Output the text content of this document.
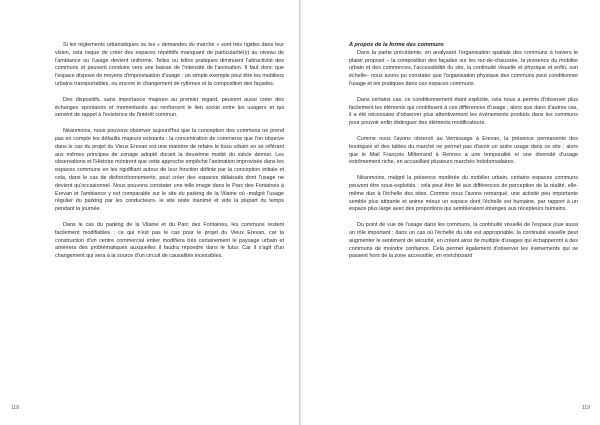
Si les règlements urbanistiques ou les « demandes du marché » sont très rigides dans leur vision, cela risque de créer des espaces répétitifs manquant de particularité(s) au niveau de l'ambiance ou l'usage devient uniforme. Telles ou telles pratiques diminuent l'attractivité des communs et peuvent conduire vers une baisse de l'intensité de l'animation. Il faut donc que l'espace dispose de moyens d'improvisation d'usage : un simple exemple peut être les mobiliers urbains transportables, ou encore le changement de rythmes et la composition des façades.

Des dispositifs, sans importance majeure au premier regard, peuvent aussi créer des échanges spontanés et momentanés qui renforcent le lien social entre les usagers et qui servent de rappel à l'existence de l'intérêt commun.

Néanmoins, nous pouvons observer aujourd'hui que la conception des communs ne prend pas en compte les défaults majeurs existants : la concentration de commerce que l'on observe dans le cas du projet du Vieux Erevan est une manière de refaire le tissu urbain en se référant aux mêmes principes de zonage adopté durant la deuxième moitié du siècle dernier. Les observations et l'Histoire montrent que cette approche empêche l'animation improvisée dans les espaces communs en les rigidifiant autour de leur fonction définie par la conception initiale et cela, dans le cas de disfonctionnements, peut créer des espaces délaissés dont l'usage ne devient qu'occasionnel. Nous pouvons constater une telle image dans le Parc des Fontaines à Erevan et l'ambiance y est comparable sur le site du parking de la Vilaine où -malgré l'usage régulier du parking par les conducteurs- le site reste inanimé et vide la plupart du temps pendant la journée.

Dans le cas du parking de la Vilaine et du Parc des Fontaines, les communs restent facilement modifiables ; ce qui n'est pas le cas pour le projet du Vieux Erevan, car la construction d'un centre commercial entier modifiera très certainement le paysage urbain et amènera des problématiques auxquelles il faudra répondre dans le futur. Car il s'agit d'un changement qui sera à la source d'un circuit de causalités incessibles.

118
A propos de la forme des communs

Dans la partie précédente, en analysant l'organisation spatiale des communs à travers le plaisir proposé – la composition des façades sur les rez-de-chaussée, la présence du mobilier urbain et des commerces, l'accessibilité du site, la continuité visuelle et physique et enfin, son échelle– nous avons pu constater que l'organisation physique des communs peut conditionner l'usage et les pratiques dans ces espaces communs.

Dans certains cas, ce conditionnement étant explicite, cela nous a permis d'observer plus facilement les éléments qui contribuent à ces différences d'usage ; alors que dans d'autres cas, il a été nécessaire d'observer plus attentivement les événements produits dans les communs pour pouvoir enfin distinguer des éléments modificateurs.

Comme nous l'avons observé au Vernissage à Erevan, la présence permanente des boutiques et des tables du marché ne permet pas d'avoir un autre usage dans ce site ; alors que le Mail François Mitterrand à Rennes a une temporalité et une diversité d'usage extrêmement riche, en accueillant plusieurs marchés hebdomadaires.

Néanmoins, malgré la présence modérée du mobilier urbain, certains espaces communs peuvent être sous-exploités : cela peut être lié aux différences de perception de la réalité, elle-même due à l'échelle des sites. Comme nous l'avons remarqué, une activité peu importante semble plus attirante et anime mieux un espace dont l'échelle est humaine, par rapport à un espace plus large avec des proportions qui sembleraient étranges aux récepteurs humains.

Du point de vue de l'usage dans les communs, la continuité visuelle de l'espace joue aussi un rôle important : dans un cas où l'échelle du site est appropriable, la continuité visuelle peut augmenter le sentiment de sécurité, en créant ainsi de multiple d'usages qui échapperont à des communs de moindre confiance. Cela permet également d'observer les événements qui se passent hors de la zone accessible, en enrichissant

119
